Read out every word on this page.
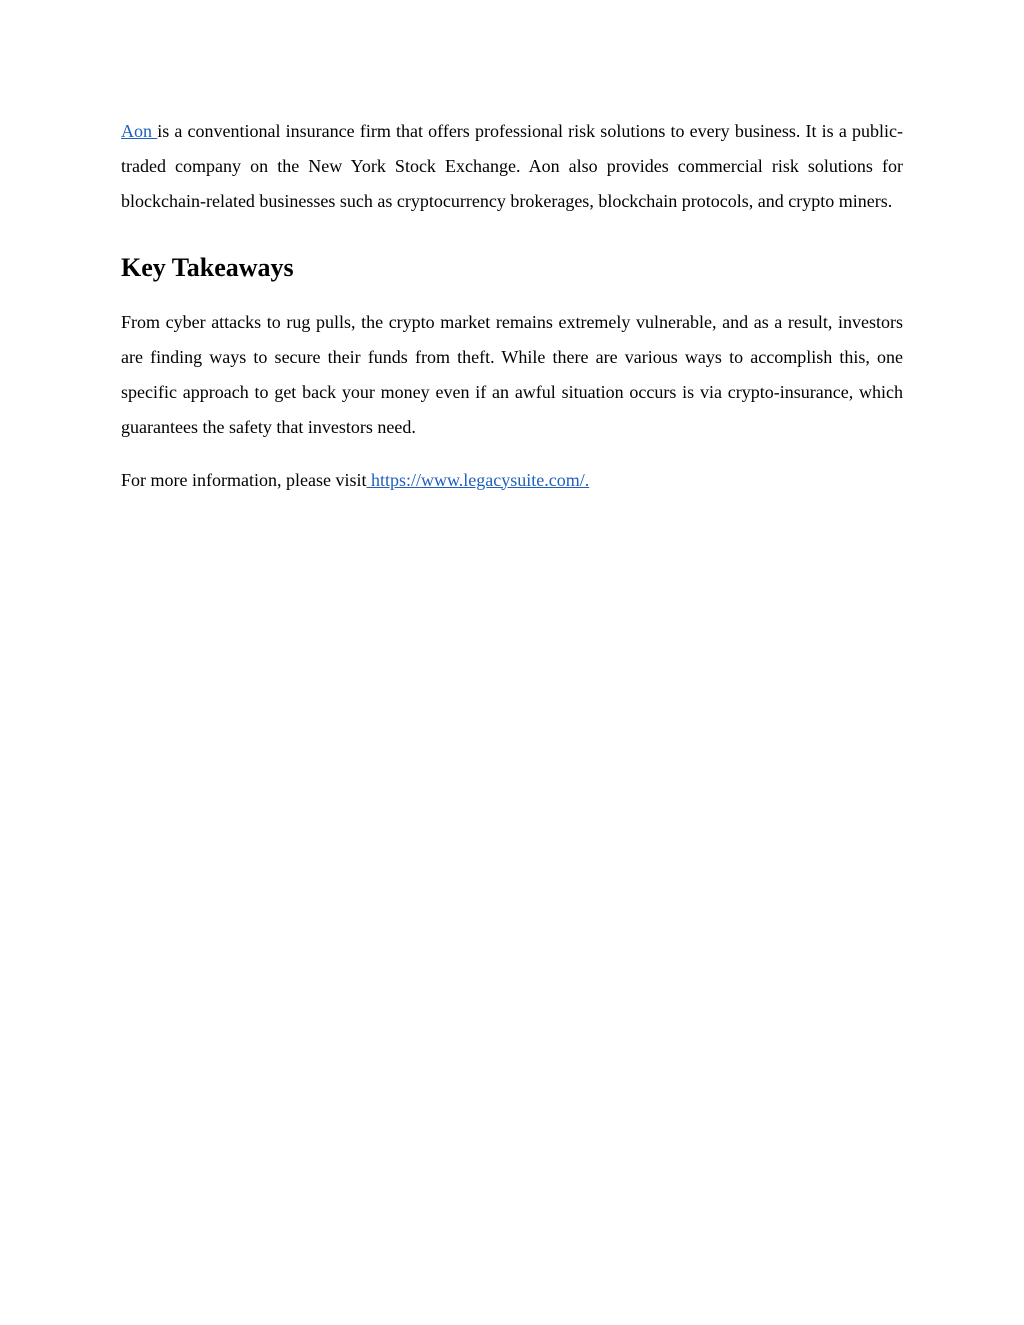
Aon is a conventional insurance firm that offers professional risk solutions to every business. It is a public-traded company on the New York Stock Exchange. Aon also provides commercial risk solutions for blockchain-related businesses such as cryptocurrency brokerages, blockchain protocols, and crypto miners.

Key Takeaways

From cyber attacks to rug pulls, the crypto market remains extremely vulnerable, and as a result, investors are finding ways to secure their funds from theft. While there are various ways to accomplish this, one specific approach to get back your money even if an awful situation occurs is via crypto-insurance, which guarantees the safety that investors need.

For more information, please visit https://www.legacysuite.com/.
